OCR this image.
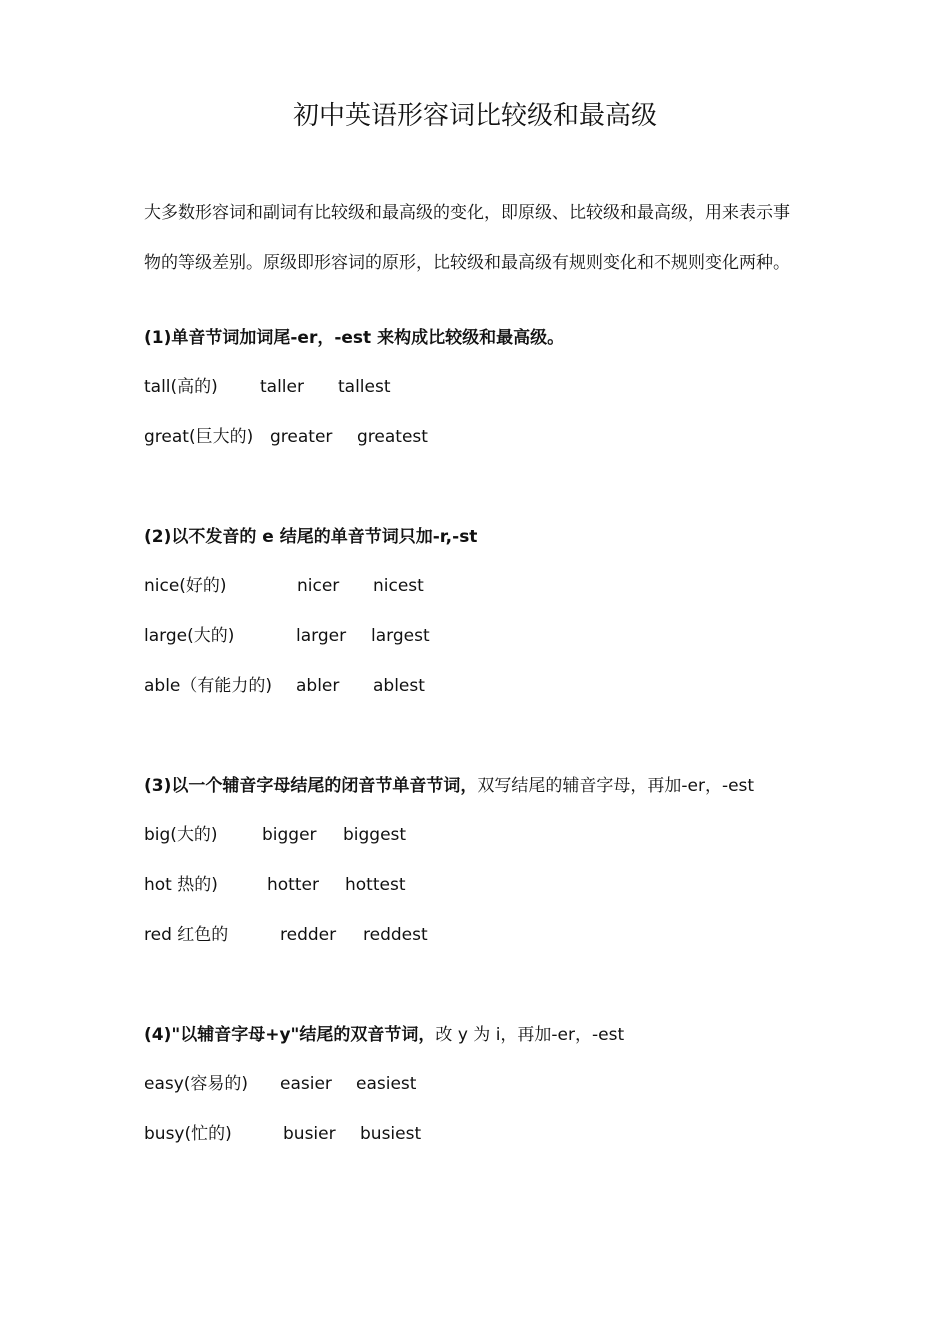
初中英语形容词比较级和最高级
大多数形容词和副词有比较级和最高级的变化，即原级、比较级和最高级，用来表示事
物的等级差别。原级即形容词的原形，比较级和最高级有规则变化和不规则变化两种。
(1)单音节词加词尾-er，-est 来构成比较级和最高级。
tall(高的) taller tallest
great(巨大的) greater greatest
(2)以不发音的 e 结尾的单音节词只加-r,-st
nice(好的)	nicer nicest
large(大的)	larger largest
able（有能力的) abler ablest
(3)以一个辅音字母结尾的闭音节单音节词，双写结尾的辅音字母，再加-er，-est
big(大的)	bigger biggest
hot 热的)	hotter hottest
red 红色的	redder reddest
(4)"以辅音字母+y"结尾的双音节词，改 y 为 i，再加-er，-est
easy(容易的) easier easiest
busy(忙的)	busier busiest
